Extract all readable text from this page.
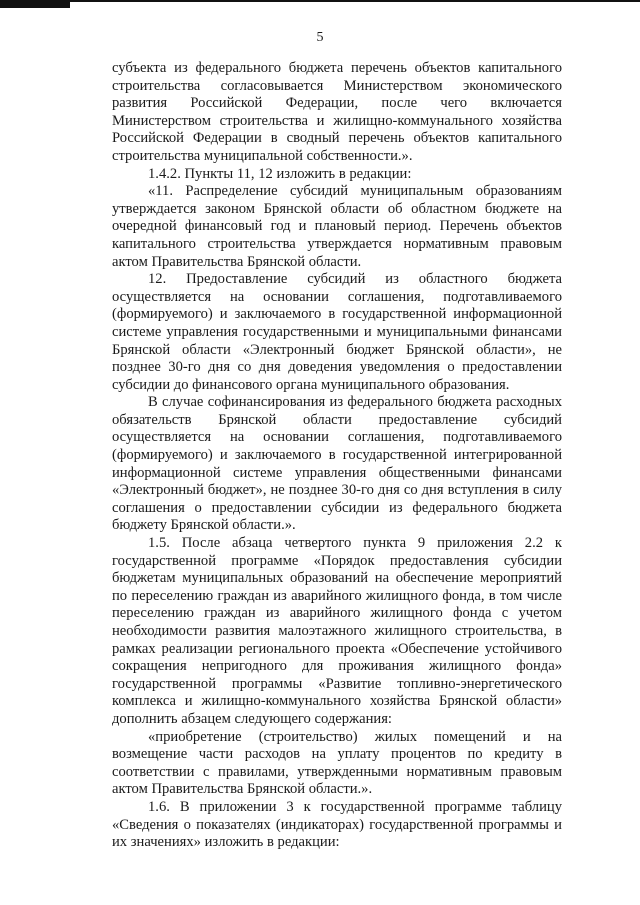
5

субъекта из федерального бюджета перечень объектов капитального строительства согласовывается Министерством экономического развития Российской Федерации, после чего включается Министерством строительства и жилищно-коммунального хозяйства Российской Федерации в сводный перечень объектов капитального строительства муниципальной собственности.».

1.4.2. Пункты 11, 12 изложить в редакции:

«11. Распределение субсидий муниципальным образованиям утверждается законом Брянской области об областном бюджете на очередной финансовый год и плановый период. Перечень объектов капитального строительства утверждается нормативным правовым актом Правительства Брянской области.

12. Предоставление субсидий из областного бюджета осуществляется на основании соглашения, подготавливаемого (формируемого) и заключаемого в государственной информационной системе управления государственными и муниципальными финансами Брянской области «Электронный бюджет Брянской области», не позднее 30-го дня со дня доведения уведомления о предоставлении субсидии до финансового органа муниципального образования.

В случае софинансирования из федерального бюджета расходных обязательств Брянской области предоставление субсидий осуществляется на основании соглашения, подготавливаемого (формируемого) и заключаемого в государственной интегрированной информационной системе управления общественными финансами «Электронный бюджет», не позднее 30-го дня со дня вступления в силу соглашения о предоставлении субсидии из федерального бюджета бюджету Брянской области.».

1.5. После абзаца четвертого пункта 9 приложения 2.2 к государственной программе «Порядок предоставления субсидии бюджетам муниципальных образований на обеспечение мероприятий по переселению граждан из аварийного жилищного фонда, в том числе переселению граждан из аварийного жилищного фонда с учетом необходимости развития малоэтажного жилищного строительства, в рамках реализации регионального проекта «Обеспечение устойчивого сокращения непригодного для проживания жилищного фонда» государственной программы «Развитие топливно-энергетического комплекса и жилищно-коммунального хозяйства Брянской области» дополнить абзацем следующего содержания:

«приобретение (строительство) жилых помещений и на возмещение части расходов на уплату процентов по кредиту в соответствии с правилами, утвержденными нормативным правовым актом Правительства Брянской области.».

1.6. В приложении 3 к государственной программе таблицу «Сведения о показателях (индикаторах) государственной программы и их значениях» изложить в редакции:
